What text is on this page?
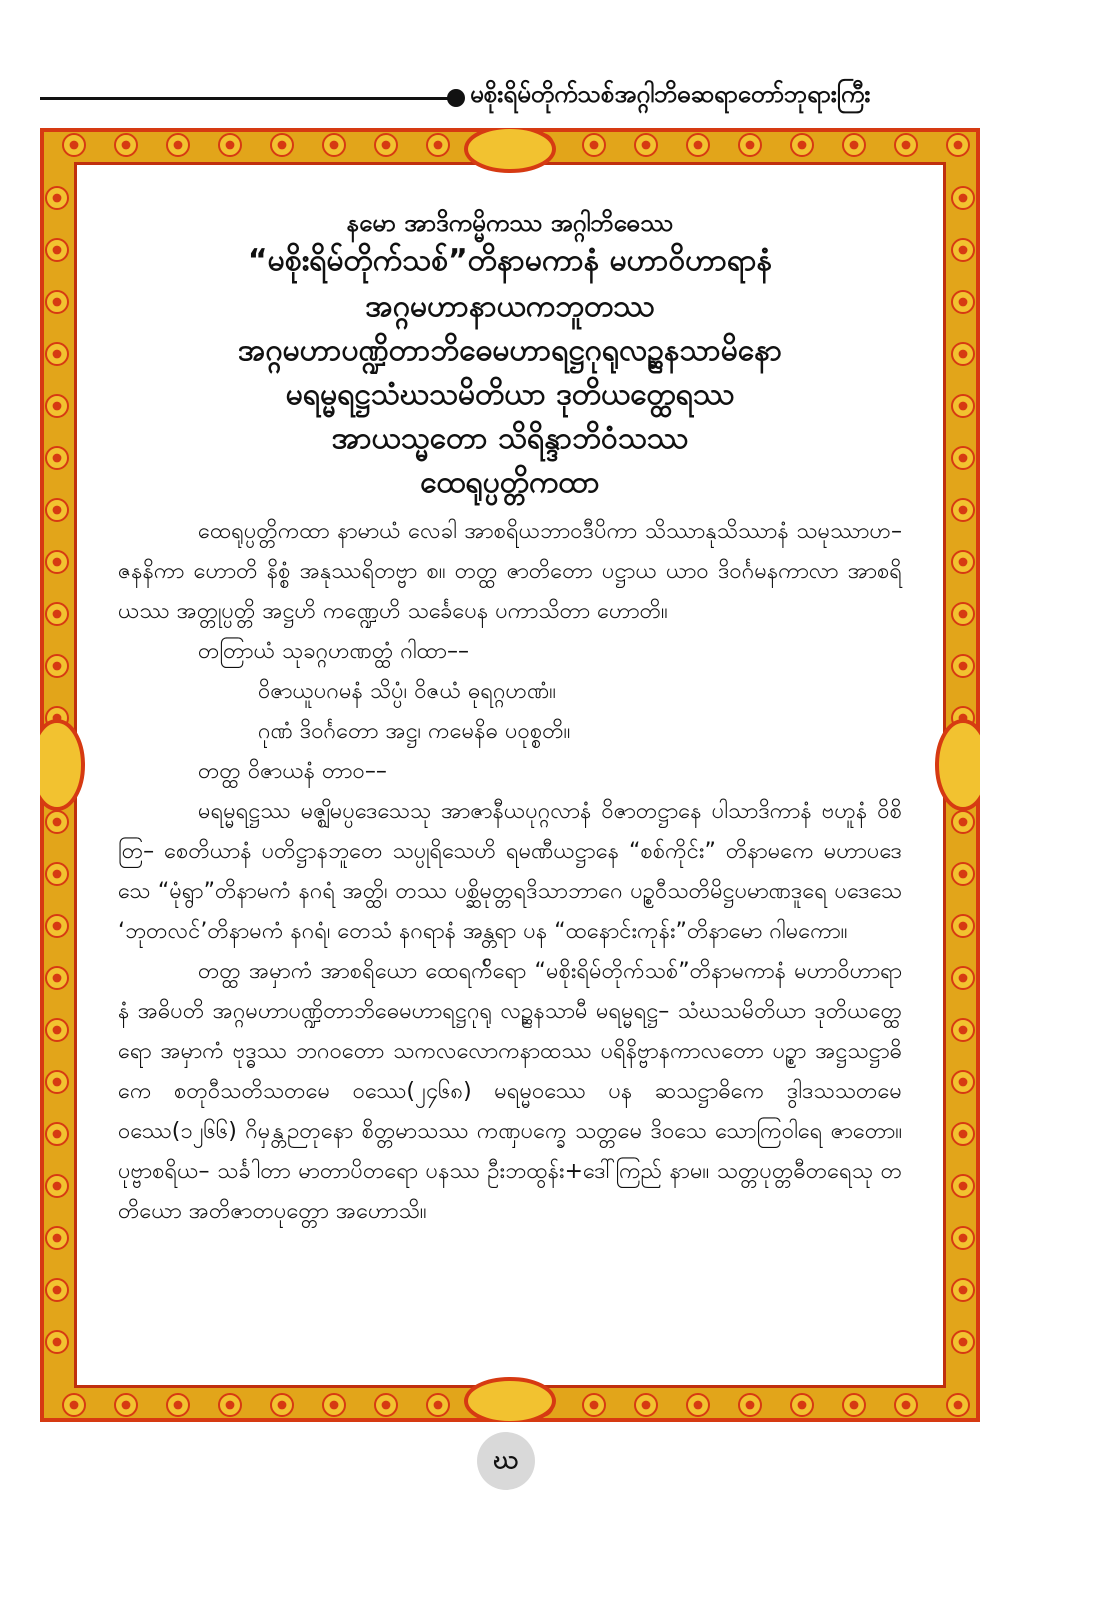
မစိုးရိမ်တိုက်သစ်အဂ္ဂါဘိဓဆရာတော်ဘုရားကြီး
နမော အာဒိကမ္မိကဿ အဂ္ဂါဘိဓေဿ
“မစိုးရိမ်တိုက်သစ်”တိနာမကာနံ မဟာဝိဟာရာနံ
အဂ္ဂမဟာနာယကဘူတဿ
အဂ္ဂမဟာပဏ္ဍိတာဘိဓေမဟာရဋ္ဌဂုရုလဥ္ဆနသာမိနော
မရမ္မရဋ္ဌသံဃသမိတိယာ ဒုတိယတ္ထေရဿ
အာယသ္မတော သိရိန္ဒာဘိဝံသဿ
ထေရုပ္ပတ္တိကထာ

ထေရုပ္ပတ္တိကထာ နာမာယံ လေခါ အာစရိယဘာဝဒီပိကာ သိဿာနုသိဿာနံ သမုဿာဟ– ဇနနိကာ ဟောတိ နိစ္စံ အနုဿရိတဗ္ဗာ စ။ တတ္ထ ဇာတိတော ပဋ္ဌာယ ယာဝ ဒိဝင်္ဂမနကာလာ အာစရိယဿ အတ္တုပ္ပတ္တိ အဋ္ဌဟိ ကဏ္ဍေဟိ သင်္ခေပေန ပကာသိတာ ဟောတိ။

တတြာယံ သုခဂ္ဂဟဏတ္ထံ ဂါထာ––

ဝိဇာယူပဂမနံ သိပ္ပံ၊ ဝိဇယံ ဓုရဂ္ဂဟဏံ။

ဂုဏံ ဒိဝင်္ဂတော အဋ္ဌ၊ ကမေနိဓ ပဝုစ္စတိ။

တတ္ထ ဝိဇာယနံ တာဝ––

မရမ္မရဋ္ဌဿ မဇ္ဈိမပ္ပဒေသေသု အာဇာနီယပုဂ္ဂလာနံ ဝိဇာတဋ္ဌာနေ ပါသာဒိကာနံ ဗဟူနံ ဝိစိတြ– စေတိယာနံ ပတိဋ္ဌာနဘူတေ သပ္ပုရိသေဟိ ရမဏီယဋ္ဌာနေ “စစ်ကိုင်း” တိနာမကေ မဟာပဒေသေ “မုံရွာ”တိနာမကံ နဂရံ အတ္ထိ၊ တဿ ပစ္ဆိမုတ္တရဒိသာဘာဂေ ပဥ္စဝီသတိမိဋ္ဌပမာဏဒူရေ ပဒေသေ ‘ဘုတလင်’တိနာမကံ နဂရံ၊ တေသံ နဂရာနံ အန္တရာ ပန “ထနောင်းကုန်း”တိနာမော ဂါမကော။

တတ္ထ အမှာကံ အာစရိယော ထေရက်ိရော “မစိုးရိမ်တိုက်သစ်”တိနာမကာနံ မဟာဝိဟာရာနံ အဓိပတိ အဂ္ဂမဟာပဏ္ဍိတာဘိဓေမဟာရဋ္ဌဂုရု လဥ္ဆနသာမီ မရမ္မရဋ္ဌ– သံဃသမိတိယာ ဒုတိယတ္ထေရော အမှာကံ ဗုဒ္ဓဿ ဘဂဝတော သကလလောကနာထဿ ပရိနိဗ္ဗာနကာလတော ပဉ္စာ အဋ္ဌသဋ္ဌာဓိကေ စတုဝီသတိသတမေ ဝဿေ(၂၄၆၈) မရမ္မဝဿေ ပန ဆသဋ္ဌာဓိကေ ဒွါဒသသတမေ ဝဿေ(၁၂၆၆) ဂိမှန္တဉတုနော စိတ္တမာသဿ ကဏှပက္ခေ သတ္တမေ ဒိဝသေ သောကြဝါရေ ဇာတော။ ပုဗ္ဗာစရိယ– သင်္ခါတာ မာတာပိတရော ပနဿ ဦးဘထွန်း+ဒေါ်ကြည် နာမ။ သတ္တပုတ္တဓီတရေသု တတိယော အတိဇာတပုတ္တော အဟောသိ။

ဃ
